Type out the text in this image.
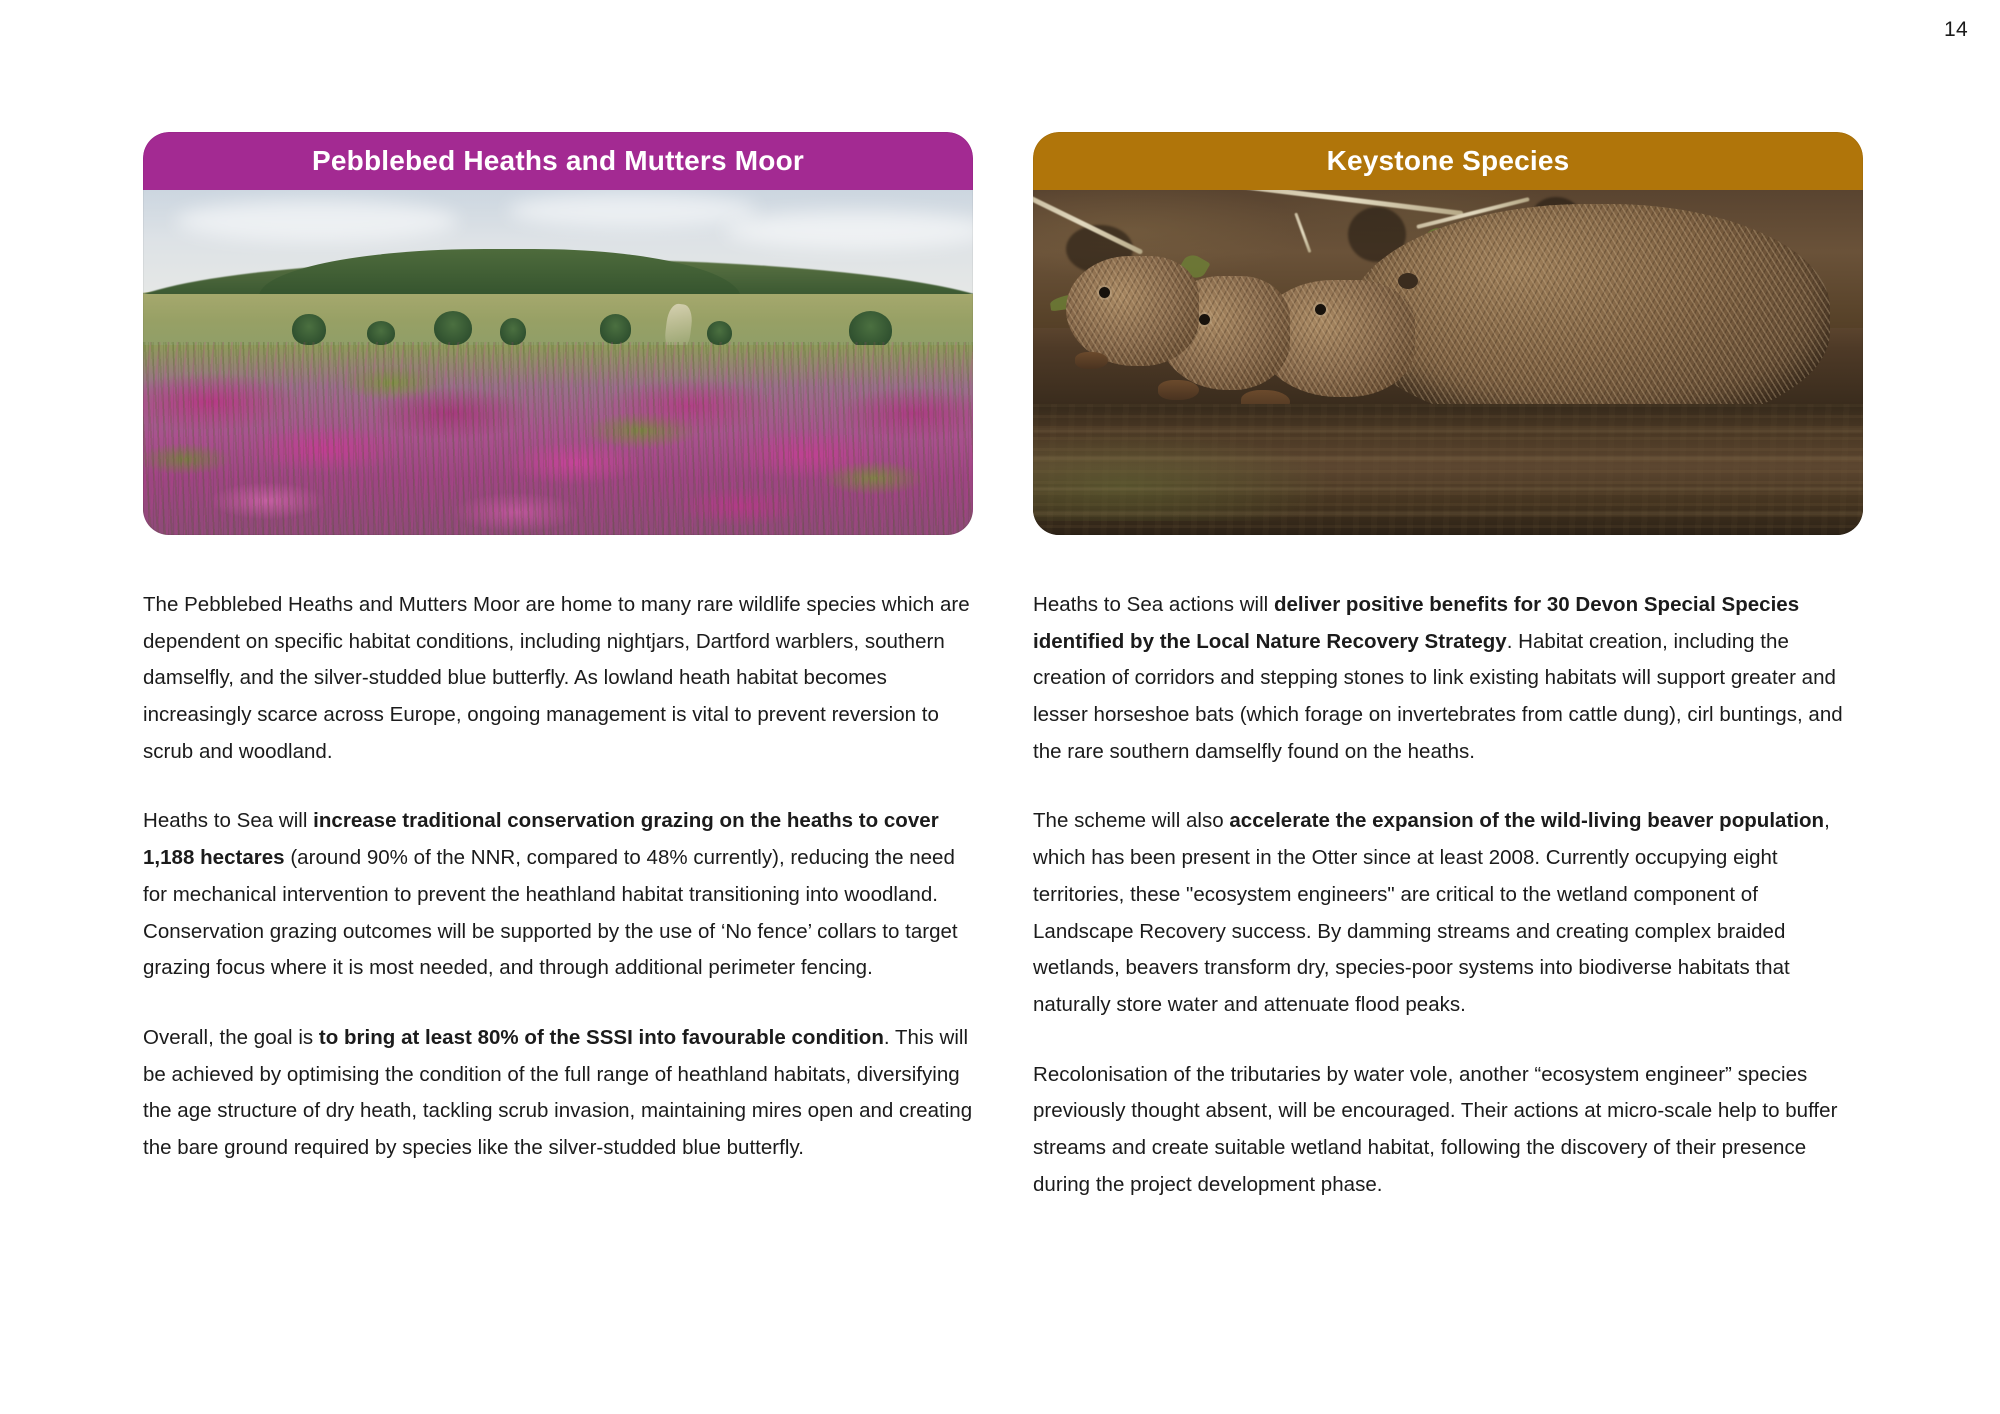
14
Pebblebed Heaths and Mutters Moor

The Pebblebed Heaths and Mutters Moor are home to many rare wildlife species which are dependent on specific habitat conditions, including nightjars, Dartford warblers, southern damselfly, and the silver-studded blue butterfly. As lowland heath habitat becomes increasingly scarce across Europe, ongoing management is vital to prevent reversion to scrub and woodland.

Heaths to Sea will increase traditional conservation grazing on the heaths to cover 1,188 hectares (around 90% of the NNR, compared to 48% currently), reducing the need for mechanical intervention to prevent the heathland habitat transitioning into woodland. Conservation grazing outcomes will be supported by the use of ‘No fence’ collars to target grazing focus where it is most needed, and through additional perimeter fencing.

Overall, the goal is to bring at least 80% of the SSSI into favourable condition. This will be achieved by optimising the condition of the full range of heathland habitats, diversifying the age structure of dry heath, tackling scrub invasion, maintaining mires open and creating the bare ground required by species like the silver-studded blue butterfly.

Keystone Species

Heaths to Sea actions will deliver positive benefits for 30 Devon Special Species identified by the Local Nature Recovery Strategy. Habitat creation, including the creation of corridors and stepping stones to link existing habitats will support greater and lesser horseshoe bats (which forage on invertebrates from cattle dung), cirl buntings, and the rare southern damselfly found on the heaths.

The scheme will also accelerate the expansion of the wild-living beaver population, which has been present in the Otter since at least 2008. Currently occupying eight territories, these "ecosystem engineers" are critical to the wetland component of Landscape Recovery success. By damming streams and creating complex braided wetlands, beavers transform dry, species-poor systems into biodiverse habitats that naturally store water and attenuate flood peaks.

Recolonisation of the tributaries by water vole, another “ecosystem engineer” species previously thought absent, will be encouraged. Their actions at micro-scale help to buffer streams and create suitable wetland habitat, following the discovery of their presence during the project development phase.
